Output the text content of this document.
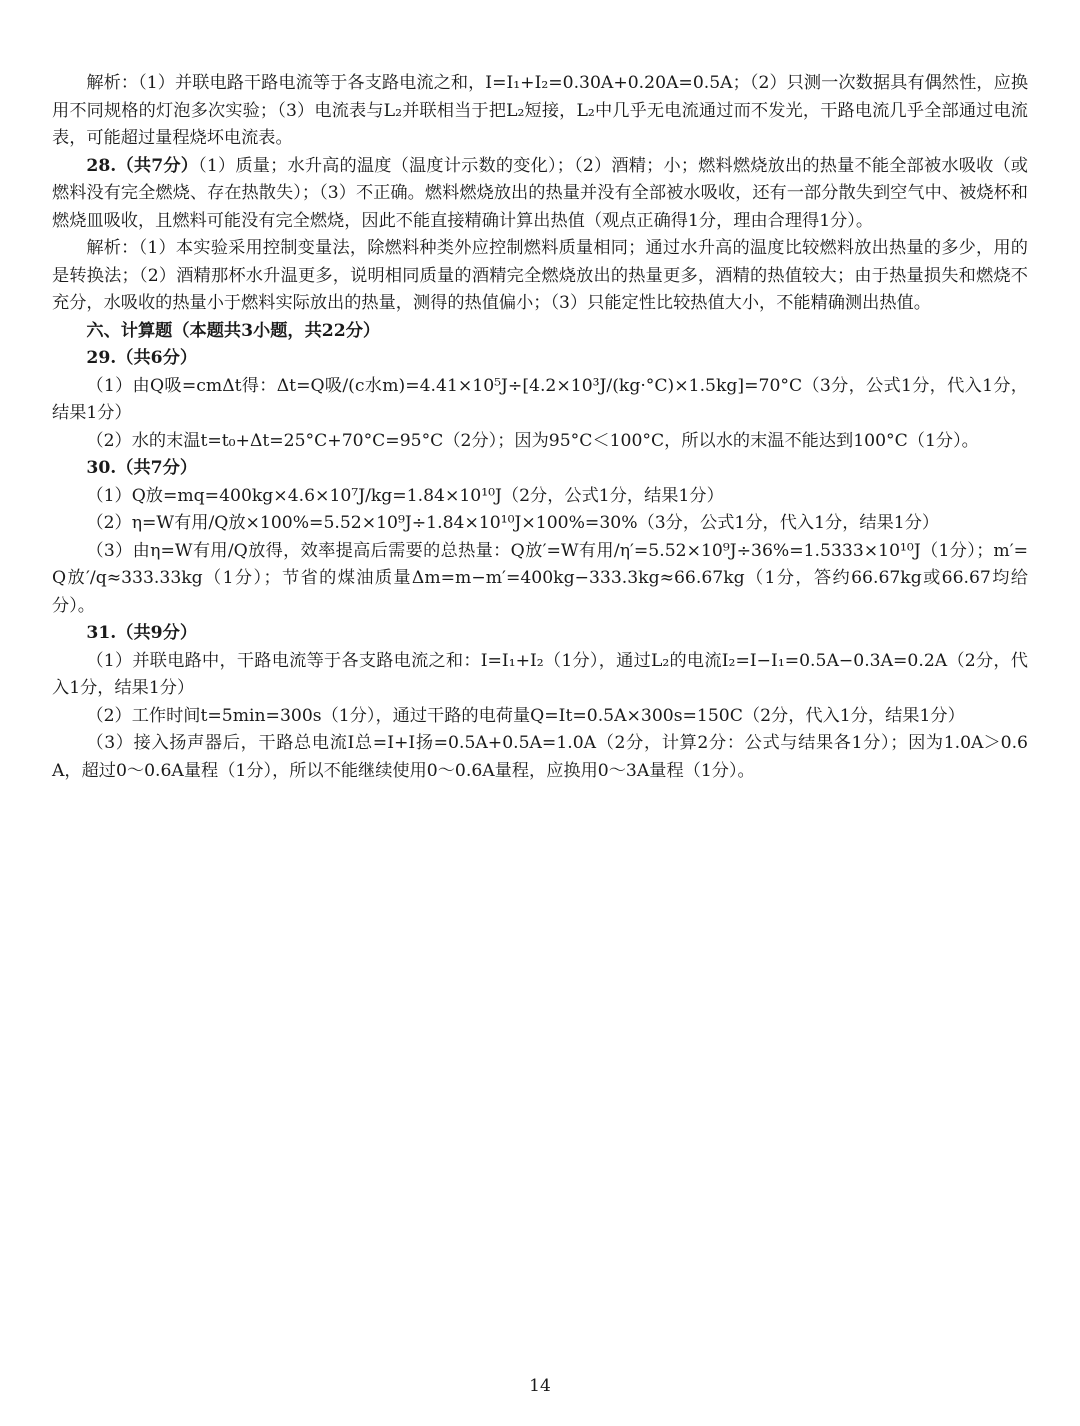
解析：（1）并联电路干路电流等于各支路电流之和，I=I₁+I₂=0.30A+0.20A=0.5A；（2）只测一次数据具有偶然性，应换用不同规格的灯泡多次实验；（3）电流表与L₂并联相当于把L₂短接，L₂中几乎无电流通过而不发光，干路电流几乎全部通过电流表，可能超过量程烧坏电流表。

28.（共7分）（1）质量；水升高的温度（温度计示数的变化）；（2）酒精；小；燃料燃烧放出的热量不能全部被水吸收（或燃料没有完全燃烧、存在热散失）；（3）不正确。燃料燃烧放出的热量并没有全部被水吸收，还有一部分散失到空气中、被烧杯和燃烧皿吸收，且燃料可能没有完全燃烧，因此不能直接精确计算出热值（观点正确得1分，理由合理得1分）。

解析：（1）本实验采用控制变量法，除燃料种类外应控制燃料质量相同；通过水升高的温度比较燃料放出热量的多少，用的是转换法；（2）酒精那杯水升温更多，说明相同质量的酒精完全燃烧放出的热量更多，酒精的热值较大；由于热量损失和燃烧不充分，水吸收的热量小于燃料实际放出的热量，测得的热值偏小；（3）只能定性比较热值大小，不能精确测出热值。

六、计算题（本题共3小题，共22分）

29.（共6分）

（1）由Q吸=cmΔt得：Δt=Q吸/(c水m)=4.41×10⁵J÷[4.2×10³J/(kg·°C)×1.5kg]=70°C（3分，公式1分，代入1分，结果1分）

（2）水的末温t=t₀+Δt=25°C+70°C=95°C（2分）；因为95°C＜100°C，所以水的末温不能达到100°C（1分）。

30.（共7分）

（1）Q放=mq=400kg×4.6×10⁷J/kg=1.84×10¹⁰J（2分，公式1分，结果1分）

（2）η=W有用/Q放×100%=5.52×10⁹J÷1.84×10¹⁰J×100%=30%（3分，公式1分，代入1分，结果1分）

（3）由η=W有用/Q放得，效率提高后需要的总热量：Q放′=W有用/η′=5.52×10⁹J÷36%=1.5333×10¹⁰J（1分）；m′=Q放′/q≈333.33kg（1分）；节省的煤油质量Δm=m−m′=400kg−333.3kg≈66.67kg（1分，答约66.67kg或66.67均给分）。

31.（共9分）

（1）并联电路中，干路电流等于各支路电流之和：I=I₁+I₂（1分），通过L₂的电流I₂=I−I₁=0.5A−0.3A=0.2A（2分，代入1分，结果1分）

（2）工作时间t=5min=300s（1分），通过干路的电荷量Q=It=0.5A×300s=150C（2分，代入1分，结果1分）

（3）接入扬声器后，干路总电流I总=I+I扬=0.5A+0.5A=1.0A（2分，计算2分：公式与结果各1分）；因为1.0A＞0.6A，超过0～0.6A量程（1分），所以不能继续使用0～0.6A量程，应换用0～3A量程（1分）。

14
